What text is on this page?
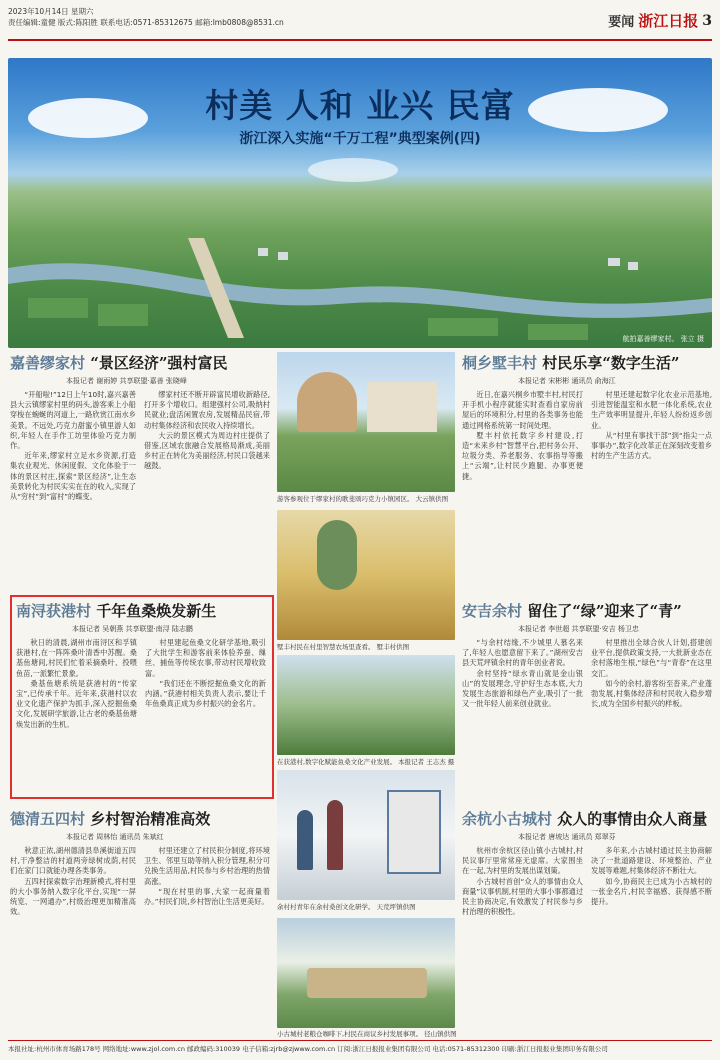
2023年10月14日 星期六
责任编辑:童健 版式:陈阳胜 联系电话:0571-85312675 邮箱:lmb0808@8531.cn	要闻 浙江日报 3
村美 人和 业兴 民富
浙江深入实施“千万工程”典型案例(四)
航拍嘉善缪家村。 张立 摄
嘉善缪家村 “景区经济”强村富民
本报记者 谢雨婷 共享联盟·嘉善 张晓峰

“开船啦!”12日上午10时,嘉兴嘉善县大云镇缪家村里的码头,游客乘上小船穿梭在蜿蜒的河道上,一路欣赏江南水乡美景。不远处,巧克力甜蜜小镇里游人如织,年轻人在手作工坊里体验巧克力制作。

近年来,缪家村立足水乡资源,打造集农业观光、休闲度假、文化体验于一体的景区村庄,探索“景区经济”,让生态美景转化为村民实实在在的收入,实现了从“穷村”到“富村”的蝶变。

缪家村还不断开辟富民增收新路径,打开多个增收口。组建强村公司,吸纳村民就业;盘活闲置农房,发展精品民宿,带动村集体经济和农民收入持续增长。

大云的景区模式为周边村庄提供了借鉴,区域农旅融合发展格局渐成,美丽乡村正在转化为美丽经济,村民口袋越来越鼓。

游客参观位于缪家村的歌斐颂巧克力小镇园区。 大云镇供图
墅丰村民在村里智慧农场里查看。 墅丰村供图
在获港村,数字化赋能鱼桑文化产业发展。 本报记者 王志杰 摄
余村村青年在余村桑创文化研学。 天荒坪镇供图
桐乡墅丰村 村民乐享“数字生活”
本报记者 宋彬彬 通讯员 俞海江

近日,在嘉兴桐乡市墅丰村,村民打开手机小程序就能实时查看自家房前屋后的环境积分,村里的各类事务也能通过网格系统第一时间处理。

墅丰村依托数字乡村建设,打造“未来乡村”智慧平台,把村务公开、垃圾分类、养老服务、农事指导等搬上“云端”,让村民少跑腿、办事更便捷。

村里还建起数字化农业示范基地,引进智能温室和水肥一体化系统,农业生产效率明显提升,年轻人纷纷返乡创业。

从“村里有事找干部”到“指尖一点事事办”,数字化改革正在深刻改变着乡村的生产生活方式。

南浔获港村 千年鱼桑焕发新生
本报记者 吴朝燕 共享联盟·南浔 陆志鹏

秋日的清晨,湖州市南浔区和孚镇获港村,在一阵阵桑叶清香中苏醒。桑基鱼塘间,村民们忙着采摘桑叶、投喂鱼苗,一派繁忙景象。

桑基鱼塘系统是获港村的“传家宝”,已传承千年。近年来,获港村以农业文化遗产保护为抓手,深入挖掘鱼桑文化,发展研学旅游,让古老的桑基鱼塘焕发出新的生机。

村里建起鱼桑文化研学基地,吸引了大批学生和游客前来体验养蚕、缫丝、捕鱼等传统农事,带动村民增收致富。

“我们还在不断挖掘鱼桑文化的新内涵。”获港村相关负责人表示,要让千年鱼桑真正成为乡村振兴的金名片。

安吉余村 留住了“绿”迎来了“青”
本报记者 李世超 共享联盟·安吉 杨卫忠

“与余村结缘,不少城里人慕名来了,年轻人也愿意留下来了。”湖州安吉县天荒坪镇余村的青年创业者说。

余村坚持“绿水青山就是金山银山”的发展理念,守护好生态本底,大力发展生态旅游和绿色产业,吸引了一批又一批年轻人前来创业就业。

村里推出全球合伙人计划,搭建创业平台,提供政策支持,一大批新业态在余村落地生根,“绿色”与“青春”在这里交汇。

如今的余村,游客纷至沓来,产业蓬勃发展,村集体经济和村民收入稳步增长,成为全国乡村振兴的样板。

德清五四村 乡村智治精准高效
本报记者 周林怡 通讯员 朱斌红

秋意正浓,湖州德清县阜溪街道五四村,干净整洁的村道两旁绿树成荫,村民们在家门口就能办理各类事务。

五四村探索数字治理新模式,将村里的大小事务纳入数字化平台,实现“一屏统览、一网通办”,村级治理更加精准高效。

村里还建立了村民积分制度,将环境卫生、邻里互助等纳入积分管理,积分可兑换生活用品,村民参与乡村治理的热情高涨。

“现在村里的事,大家一起商量着办。”村民们说,乡村智治让生活更美好。

小古城村老粮仓咖啡下,村民在商议乡村发展事项。 径山镇供图
余杭小古城村 众人的事情由众人商量
本报记者 唐坡达 通讯员 郑翠芬

杭州市余杭区径山镇小古城村,村民议事厅里常常座无虚席。大家围坐在一起,为村里的发展出谋划策。

小古城村首创“众人的事情由众人商量”议事机制,村里的大事小事都通过民主协商决定,有效激发了村民参与乡村治理的积极性。

多年来,小古城村通过民主协商解决了一批道路建设、环境整治、产业发展等难题,村集体经济不断壮大。

如今,协商民主已成为小古城村的一张金名片,村民幸福感、获得感不断提升。

本报社址:杭州市体育场路178号 网络地址:www.zjol.com.cn 邮政编码:310039 电子信箱:zjrb@zjwww.com.cn 订阅:浙江日报报业集团有限公司 电话:0571-85312300 印刷:浙江日报报业集团印务有限公司
